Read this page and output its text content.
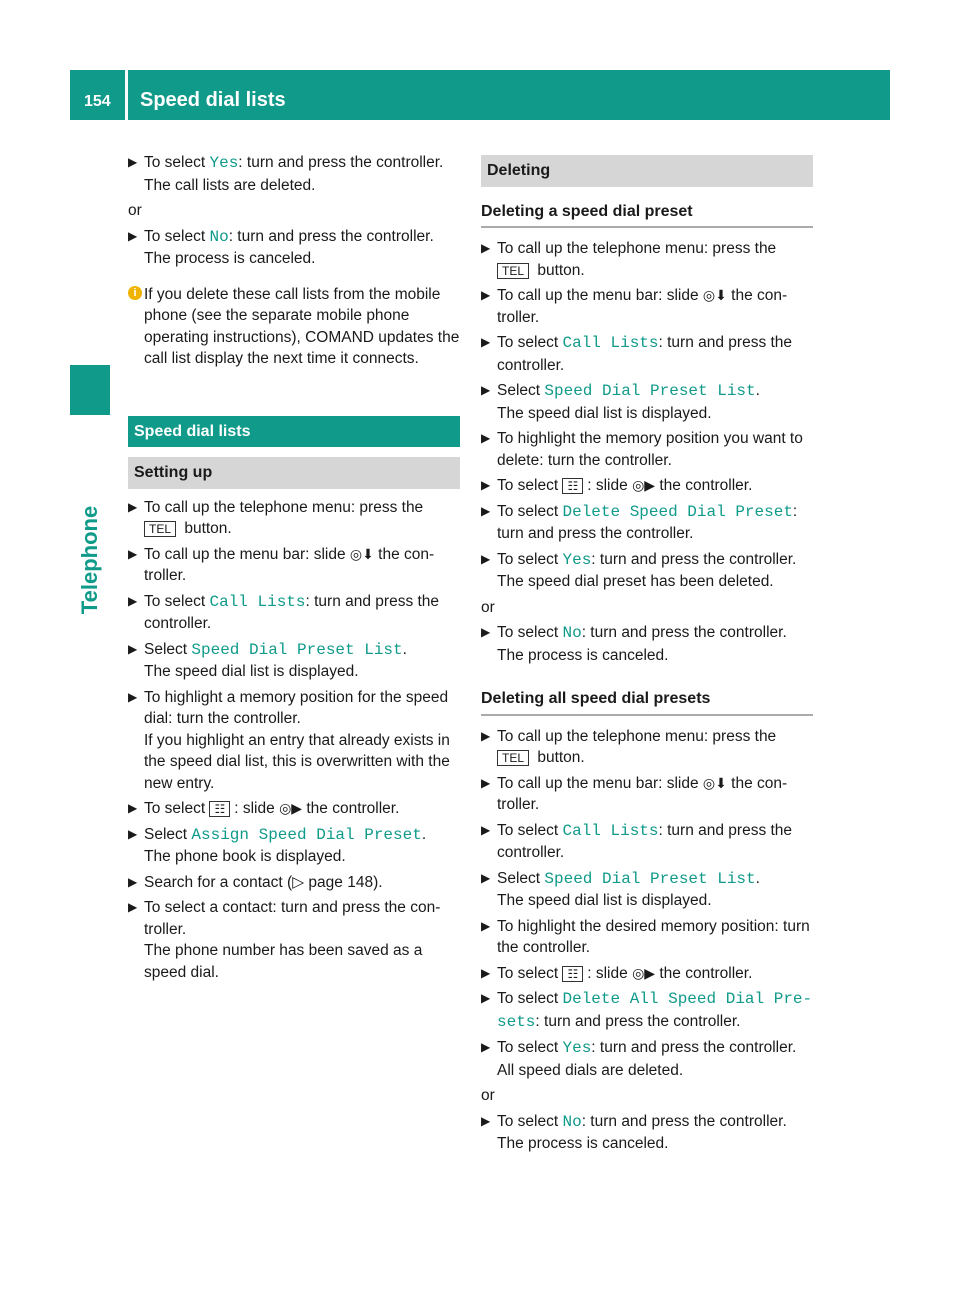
154 Speed dial lists
Telephone
▶ To select Yes: turn and press the controller.
The call lists are deleted.
or
▶ To select No: turn and press the controller.
The process is canceled.
i If you delete these call lists from the mobile phone (see the separate mobile phone operating instructions), COMAND updates the call list display the next time it connects.
Speed dial lists
Setting up
▶ To call up the telephone menu: press the TEL button.
▶ To call up the menu bar: slide ◎⬇ the con- troller.
▶ To select Call Lists: turn and press the controller.
▶ Select Speed Dial Preset List.
The speed dial list is displayed.
▶ To highlight a memory position for the speed dial: turn the controller.
If you highlight an entry that already exists in the speed dial list, this is overwritten with the new entry.
▶ To select ☷ : slide ◎▶ the controller.
▶ Select Assign Speed Dial Preset.
The phone book is displayed.
▶ Search for a contact (▷ page 148).
▶ To select a contact: turn and press the con- troller.
The phone number has been saved as a speed dial.
Deleting
Deleting a speed dial preset
▶ To call up the telephone menu: press the TEL button.
▶ To call up the menu bar: slide ◎⬇ the con- troller.
▶ To select Call Lists: turn and press the controller.
▶ Select Speed Dial Preset List.
The speed dial list is displayed.
▶ To highlight the memory position you want to delete: turn the controller.
▶ To select ☷ : slide ◎▶ the controller.
▶ To select Delete Speed Dial Preset: turn and press the controller.
▶ To select Yes: turn and press the controller.
The speed dial preset has been deleted.
or
▶ To select No: turn and press the controller.
The process is canceled.
Deleting all speed dial presets
▶ To call up the telephone menu: press the TEL button.
▶ To call up the menu bar: slide ◎⬇ the con- troller.
▶ To select Call Lists: turn and press the controller.
▶ Select Speed Dial Preset List.
The speed dial list is displayed.
▶ To highlight the desired memory position: turn the controller.
▶ To select ☷ : slide ◎▶ the controller.
▶ To select Delete All Speed Dial Pre‐ sets: turn and press the controller.
▶ To select Yes: turn and press the controller.
All speed dials are deleted.
or
▶ To select No: turn and press the controller.
The process is canceled.
